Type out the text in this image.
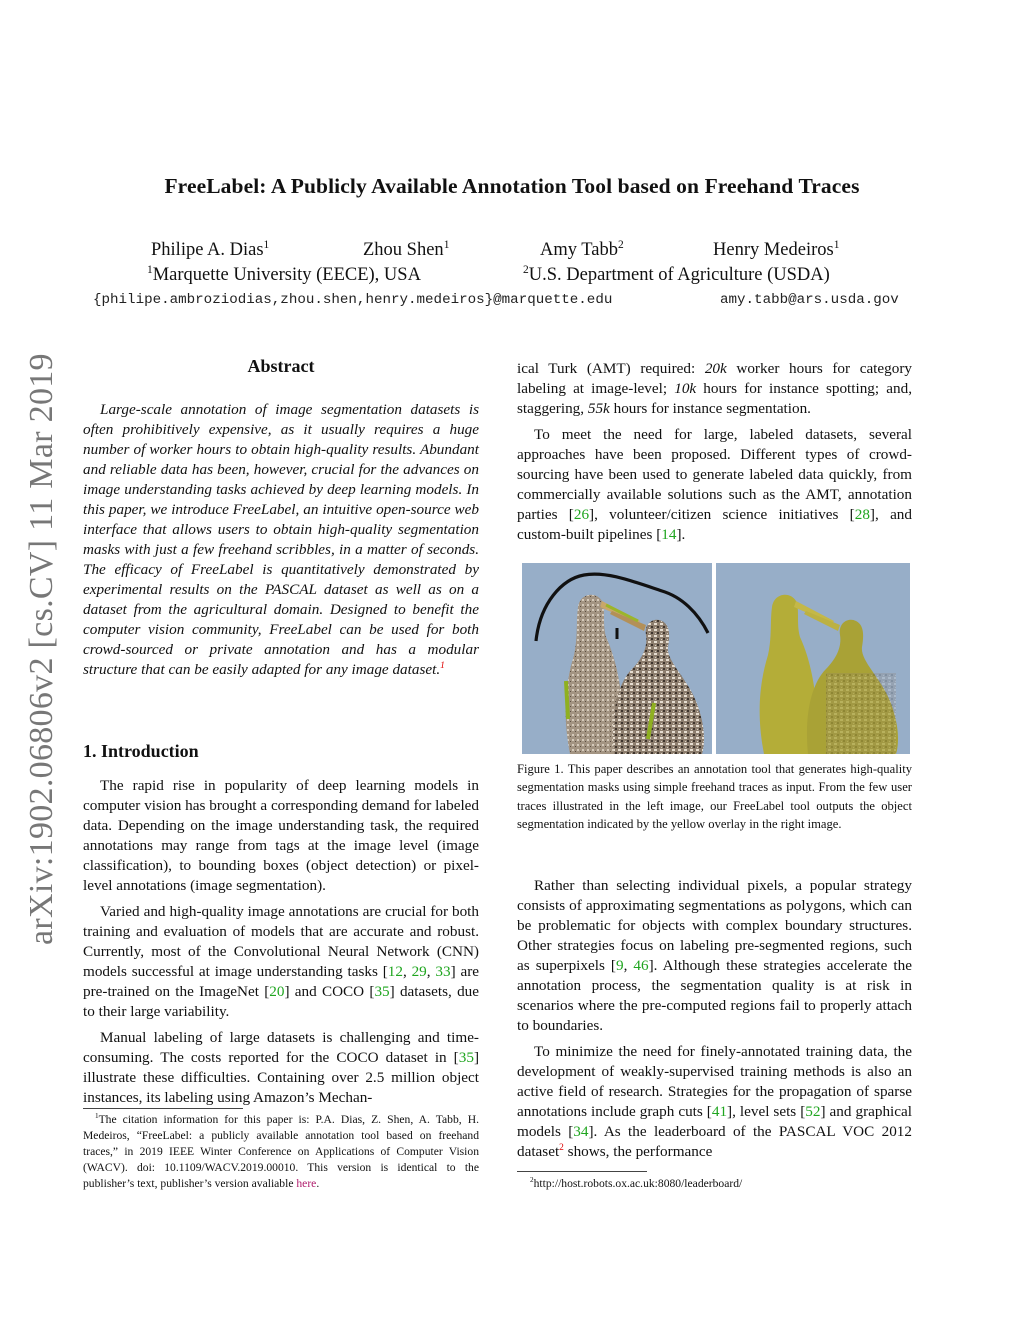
arXiv:1902.06806v2 [cs.CV] 11 Mar 2019
FreeLabel: A Publicly Available Annotation Tool based on Freehand Traces
Philipe A. Dias$^1$	Zhou Shen$^1$	Amy Tabb$^2$	Henry Medeiros$^1$
$^1$Marquette University (EECE), USA	$^2$U.S. Department of Agriculture (USDA)
{philipe.ambroziodias,zhou.shen,henry.medeiros}@marquette.edu	amy.tabb@ars.usda.gov
Abstract

Large-scale annotation of image segmentation datasets is often prohibitively expensive, as it usually requires a huge number of worker hours to obtain high-quality results. Abundant and reliable data has been, however, crucial for the advances on image understanding tasks achieved by deep learning models. In this paper, we introduce FreeLabel, an intuitive open-source web interface that allows users to obtain high-quality segmentation masks with just a few freehand scribbles, in a matter of seconds. The efficacy of FreeLabel is quantitatively demonstrated by experimental results on the PASCAL dataset as well as on a dataset from the agricultural domain. Designed to benefit the computer vision community, FreeLabel can be used for both crowd-sourced or private annotation and has a modular structure that can be easily adapted for any image dataset.$^1$

1. Introduction

The rapid rise in popularity of deep learning models in computer vision has brought a corresponding demand for labeled data. Depending on the image understanding task, the required annotations may range from tags at the image level (image classification), to bounding boxes (object detection) or pixel-level annotations (image segmentation).

Varied and high-quality image annotations are crucial for both training and evaluation of models that are accurate and robust. Currently, most of the Convolutional Neural Network (CNN) models successful at image understanding tasks [12, 29, 33] are pre-trained on the ImageNet [20] and COCO [35] datasets, due to their large variability.

Manual labeling of large datasets is challenging and time-consuming. The costs reported for the COCO dataset in [35] illustrate these difficulties. Containing over 2.5 million object instances, its labeling using Amazon’s Mechan-

$^1$The citation information for this paper is: P.A. Dias, Z. Shen, A. Tabb, H. Medeiros, “FreeLabel: a publicly available annotation tool based on freehand traces,” in 2019 IEEE Winter Conference on Applications of Computer Vision (WACV). doi: 10.1109/WACV.2019.00010. This version is identical to the publisher’s text, publisher’s version avaliable here.

ical Turk (AMT) required: 20k worker hours for category labeling at image-level; 10k hours for instance spotting; and, staggering, 55k hours for instance segmentation.

To meet the need for large, labeled datasets, several approaches have been proposed. Different types of crowd-sourcing have been used to generate labeled data quickly, from commercially available solutions such as the AMT, annotation parties [26], volunteer/citizen science initiatives [28], and custom-built pipelines [14].

Figure 1. This paper describes an annotation tool that generates high-quality segmentation masks using simple freehand traces as input. From the few user traces illustrated in the left image, our FreeLabel tool outputs the object segmentation indicated by the yellow overlay in the right image.

Rather than selecting individual pixels, a popular strategy consists of approximating segmentations as polygons, which can be problematic for objects with complex boundary structures. Other strategies focus on labeling pre-segmented regions, such as superpixels [9, 46]. Although these strategies accelerate the annotation process, the segmentation quality is at risk in scenarios where the pre-computed regions fail to properly attach to boundaries.

To minimize the need for finely-annotated training data, the development of weakly-supervised training methods is also an active field of research. Strategies for the propagation of sparse annotations include graph cuts [41], level sets [52] and graphical models [34]. As the leaderboard of the PASCAL VOC 2012 dataset$^2$ shows, the performance

$^2$http://host.robots.ox.ac.uk:8080/leaderboard/
